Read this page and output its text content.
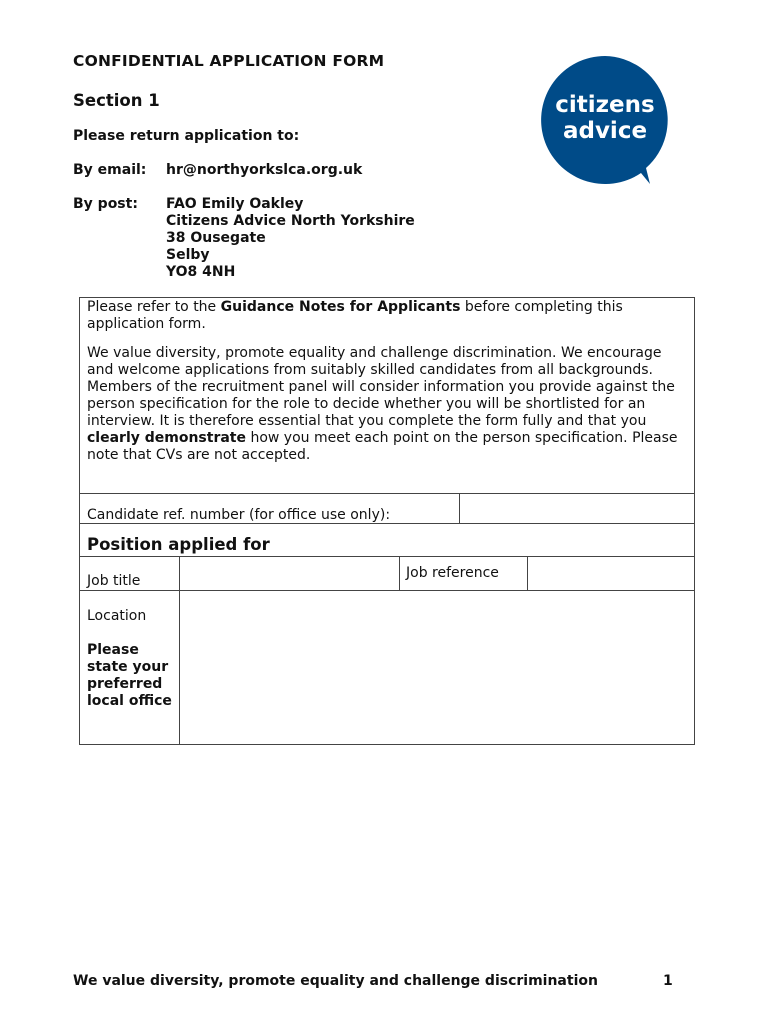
CONFIDENTIAL APPLICATION FORM
Section 1
Please return application to:
By email: hr@northyorkslca.org.uk
By post: FAO Emily Oakley
Citizens Advice North Yorkshire
38 Ousegate
Selby
YO8 4NH
citizens
advice
Please refer to the Guidance Notes for Applicants before completing this application form.
We value diversity, promote equality and challenge discrimination. We encourage and welcome applications from suitably skilled candidates from all backgrounds. Members of the recruitment panel will consider information you provide against the person specification for the role to decide whether you will be shortlisted for an interview. It is therefore essential that you complete the form fully and that you clearly demonstrate how you meet each point on the person specification. Please note that CVs are not accepted.
Candidate ref. number (for office use only):
Position applied for
Job title	Job reference
Location
Please state your preferred local office
We value diversity, promote equality and challenge discrimination	1
